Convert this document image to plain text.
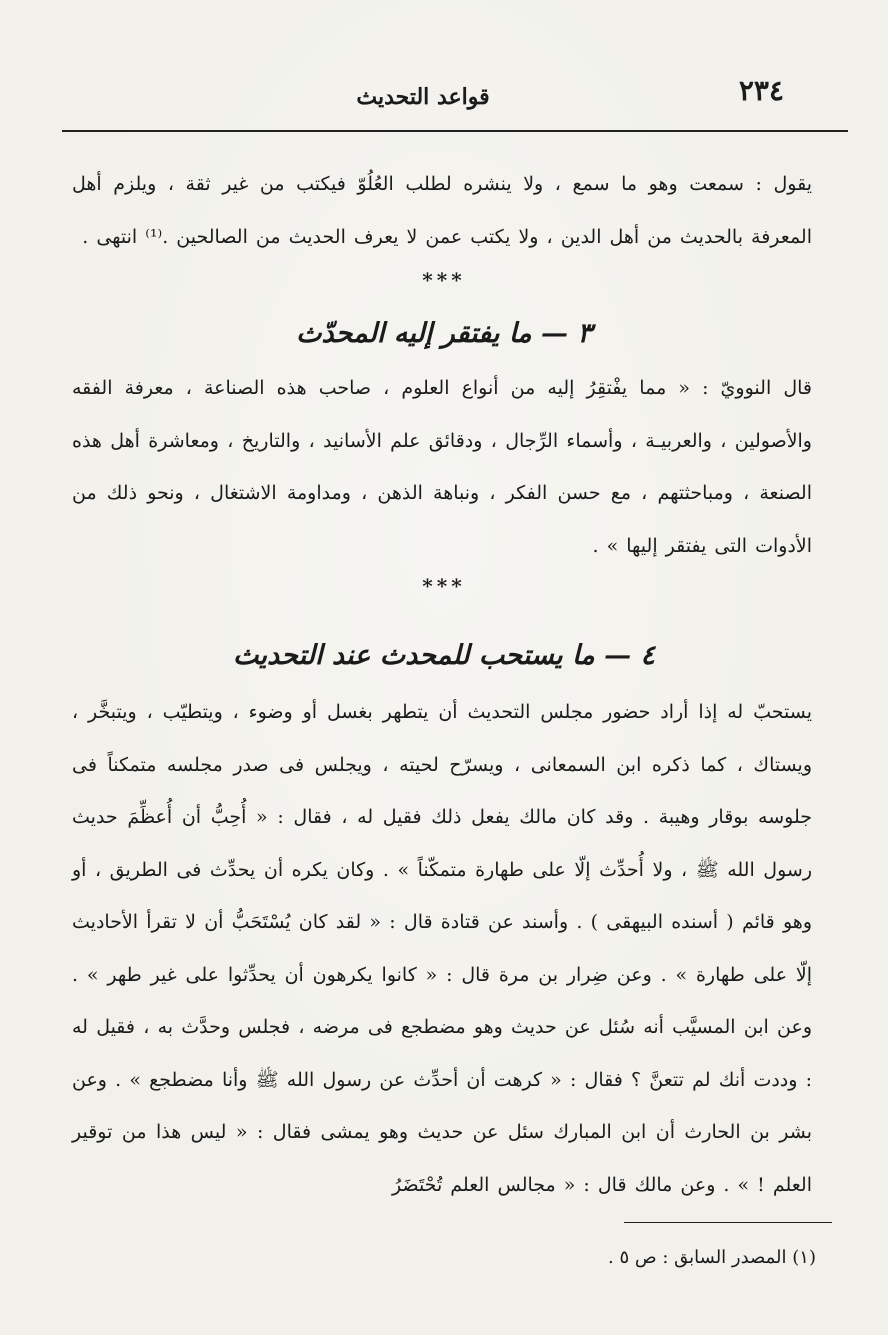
٢٣٤
قواعد التحديث

يقول : سمعت وهو ما سمع ، ولا ينشره لطلب العُلُوّ فيكتب من غير ثقة ، ويلزم أهل المعرفة بالحديث من أهل الدين ، ولا يكتب عمن لا يعرف الحديث من الصالحين .⁽¹⁾ انتهى .

***
٣ — ما يفتقر إليه المحدّث

قال النوويّ : « مما يفْتقِرُ إليه من أنواع العلوم ، صاحب هذه الصناعة ، معرفة الفقه والأصولين ، والعربيـة ، وأسماء الرِّجال ، ودقائق علم الأسانيد ، والتاريخ ، ومعاشرة أهل هذه الصنعة ، ومباحثتهم ، مع حسن الفكر ، ونباهة الذهن ، ومداومة الاشتغال ، ونحو ذلك من الأدوات التى يفتقر إليها » .

***
٤ — ما يستحب للمحدث عند التحديث

يستحبّ له إذا أراد حضور مجلس التحديث أن يتطهر بغسل أو وضوء ، ويتطيّب ، ويتبخَّر ، ويستاك ، كما ذكره ابن السمعانى ، ويسرّح لحيته ، ويجلس فى صدر مجلسه متمكناً فى جلوسه بوقار وهيبة . وقد كان مالك يفعل ذلك فقيل له ، فقال : « أُحِبُّ أن أُعظِّمَ حديث رسول الله ﷺ ، ولا أُحدِّث إلّا على طهارة متمكّناً » . وكان يكره أن يحدِّث فى الطريق ، أو وهو قائم ( أسنده البيهقى ) . وأسند عن قتادة قال : « لقد كان يُسْتَحَبُّ أن لا تقرأ الأحاديث إلّا على طهارة » . وعن ضِرار بن مرة قال : « كانوا يكرهون أن يحدِّثوا على غير طهر » . وعن ابن المسيَّب أنه سُئل عن حديث وهو مضطجع فى مرضه ، فجلس وحدَّث به ، فقيل له : وددت أنك لم تتعنَّ ؟ فقال : « كرهت أن أحدِّث عن رسول الله ﷺ وأنا مضطجع » . وعن بشر بن الحارث أن ابن المبارك سئل عن حديث وهو يمشى فقال : « ليس هذا من توقير العلم ! » . وعن مالك قال : « مجالس العلم تُحْتَضَرُ

(١) المصدر السابق : ص ٥ .
